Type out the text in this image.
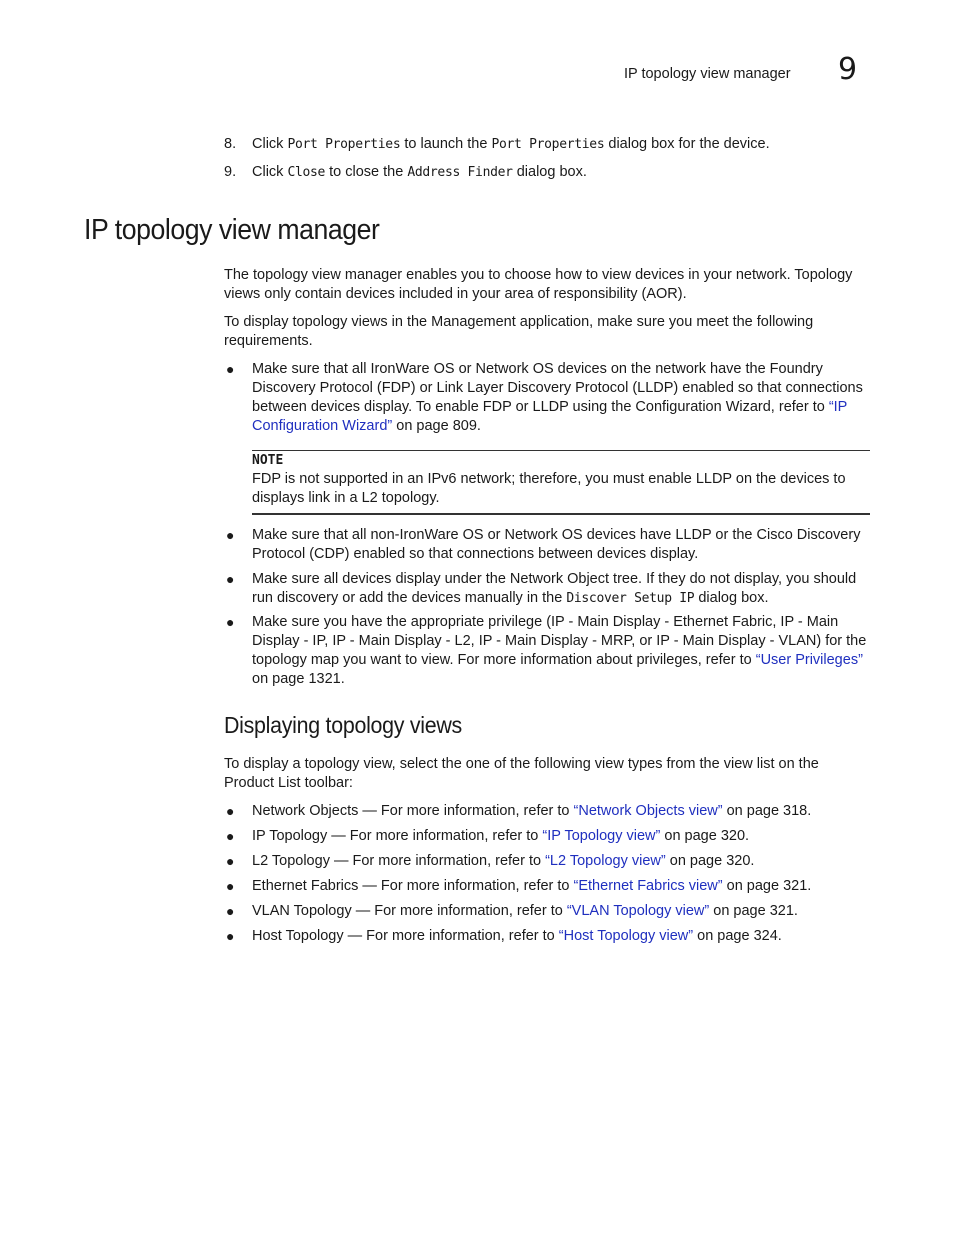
IP topology view manager 9
8. Click Port Properties to launch the Port Properties dialog box for the device.
9. Click Close to close the Address Finder dialog box.
IP topology view manager
The topology view manager enables you to choose how to view devices in your network. Topology views only contain devices included in your area of responsibility (AOR).
To display topology views in the Management application, make sure you meet the following requirements.
● Make sure that all IronWare OS or Network OS devices on the network have the Foundry Discovery Protocol (FDP) or Link Layer Discovery Protocol (LLDP) enabled so that connections between devices display. To enable FDP or LLDP using the Configuration Wizard, refer to “IP Configuration Wizard” on page 809.
NOTE
FDP is not supported in an IPv6 network; therefore, you must enable LLDP on the devices to displays link in a L2 topology.
● Make sure that all non-IronWare OS or Network OS devices have LLDP or the Cisco Discovery Protocol (CDP) enabled so that connections between devices display.
● Make sure all devices display under the Network Object tree. If they do not display, you should run discovery or add the devices manually in the Discover Setup IP dialog box.
● Make sure you have the appropriate privilege (IP - Main Display - Ethernet Fabric, IP - Main Display - IP, IP - Main Display - L2, IP - Main Display - MRP, or IP - Main Display - VLAN) for the topology map you want to view. For more information about privileges, refer to “User Privileges” on page 1321.
Displaying topology views
To display a topology view, select the one of the following view types from the view list on the Product List toolbar:
● Network Objects — For more information, refer to “Network Objects view” on page 318.
● IP Topology — For more information, refer to “IP Topology view” on page 320.
● L2 Topology — For more information, refer to “L2 Topology view” on page 320.
● Ethernet Fabrics — For more information, refer to “Ethernet Fabrics view” on page 321.
● VLAN Topology — For more information, refer to “VLAN Topology view” on page 321.
● Host Topology — For more information, refer to “Host Topology view” on page 324.
